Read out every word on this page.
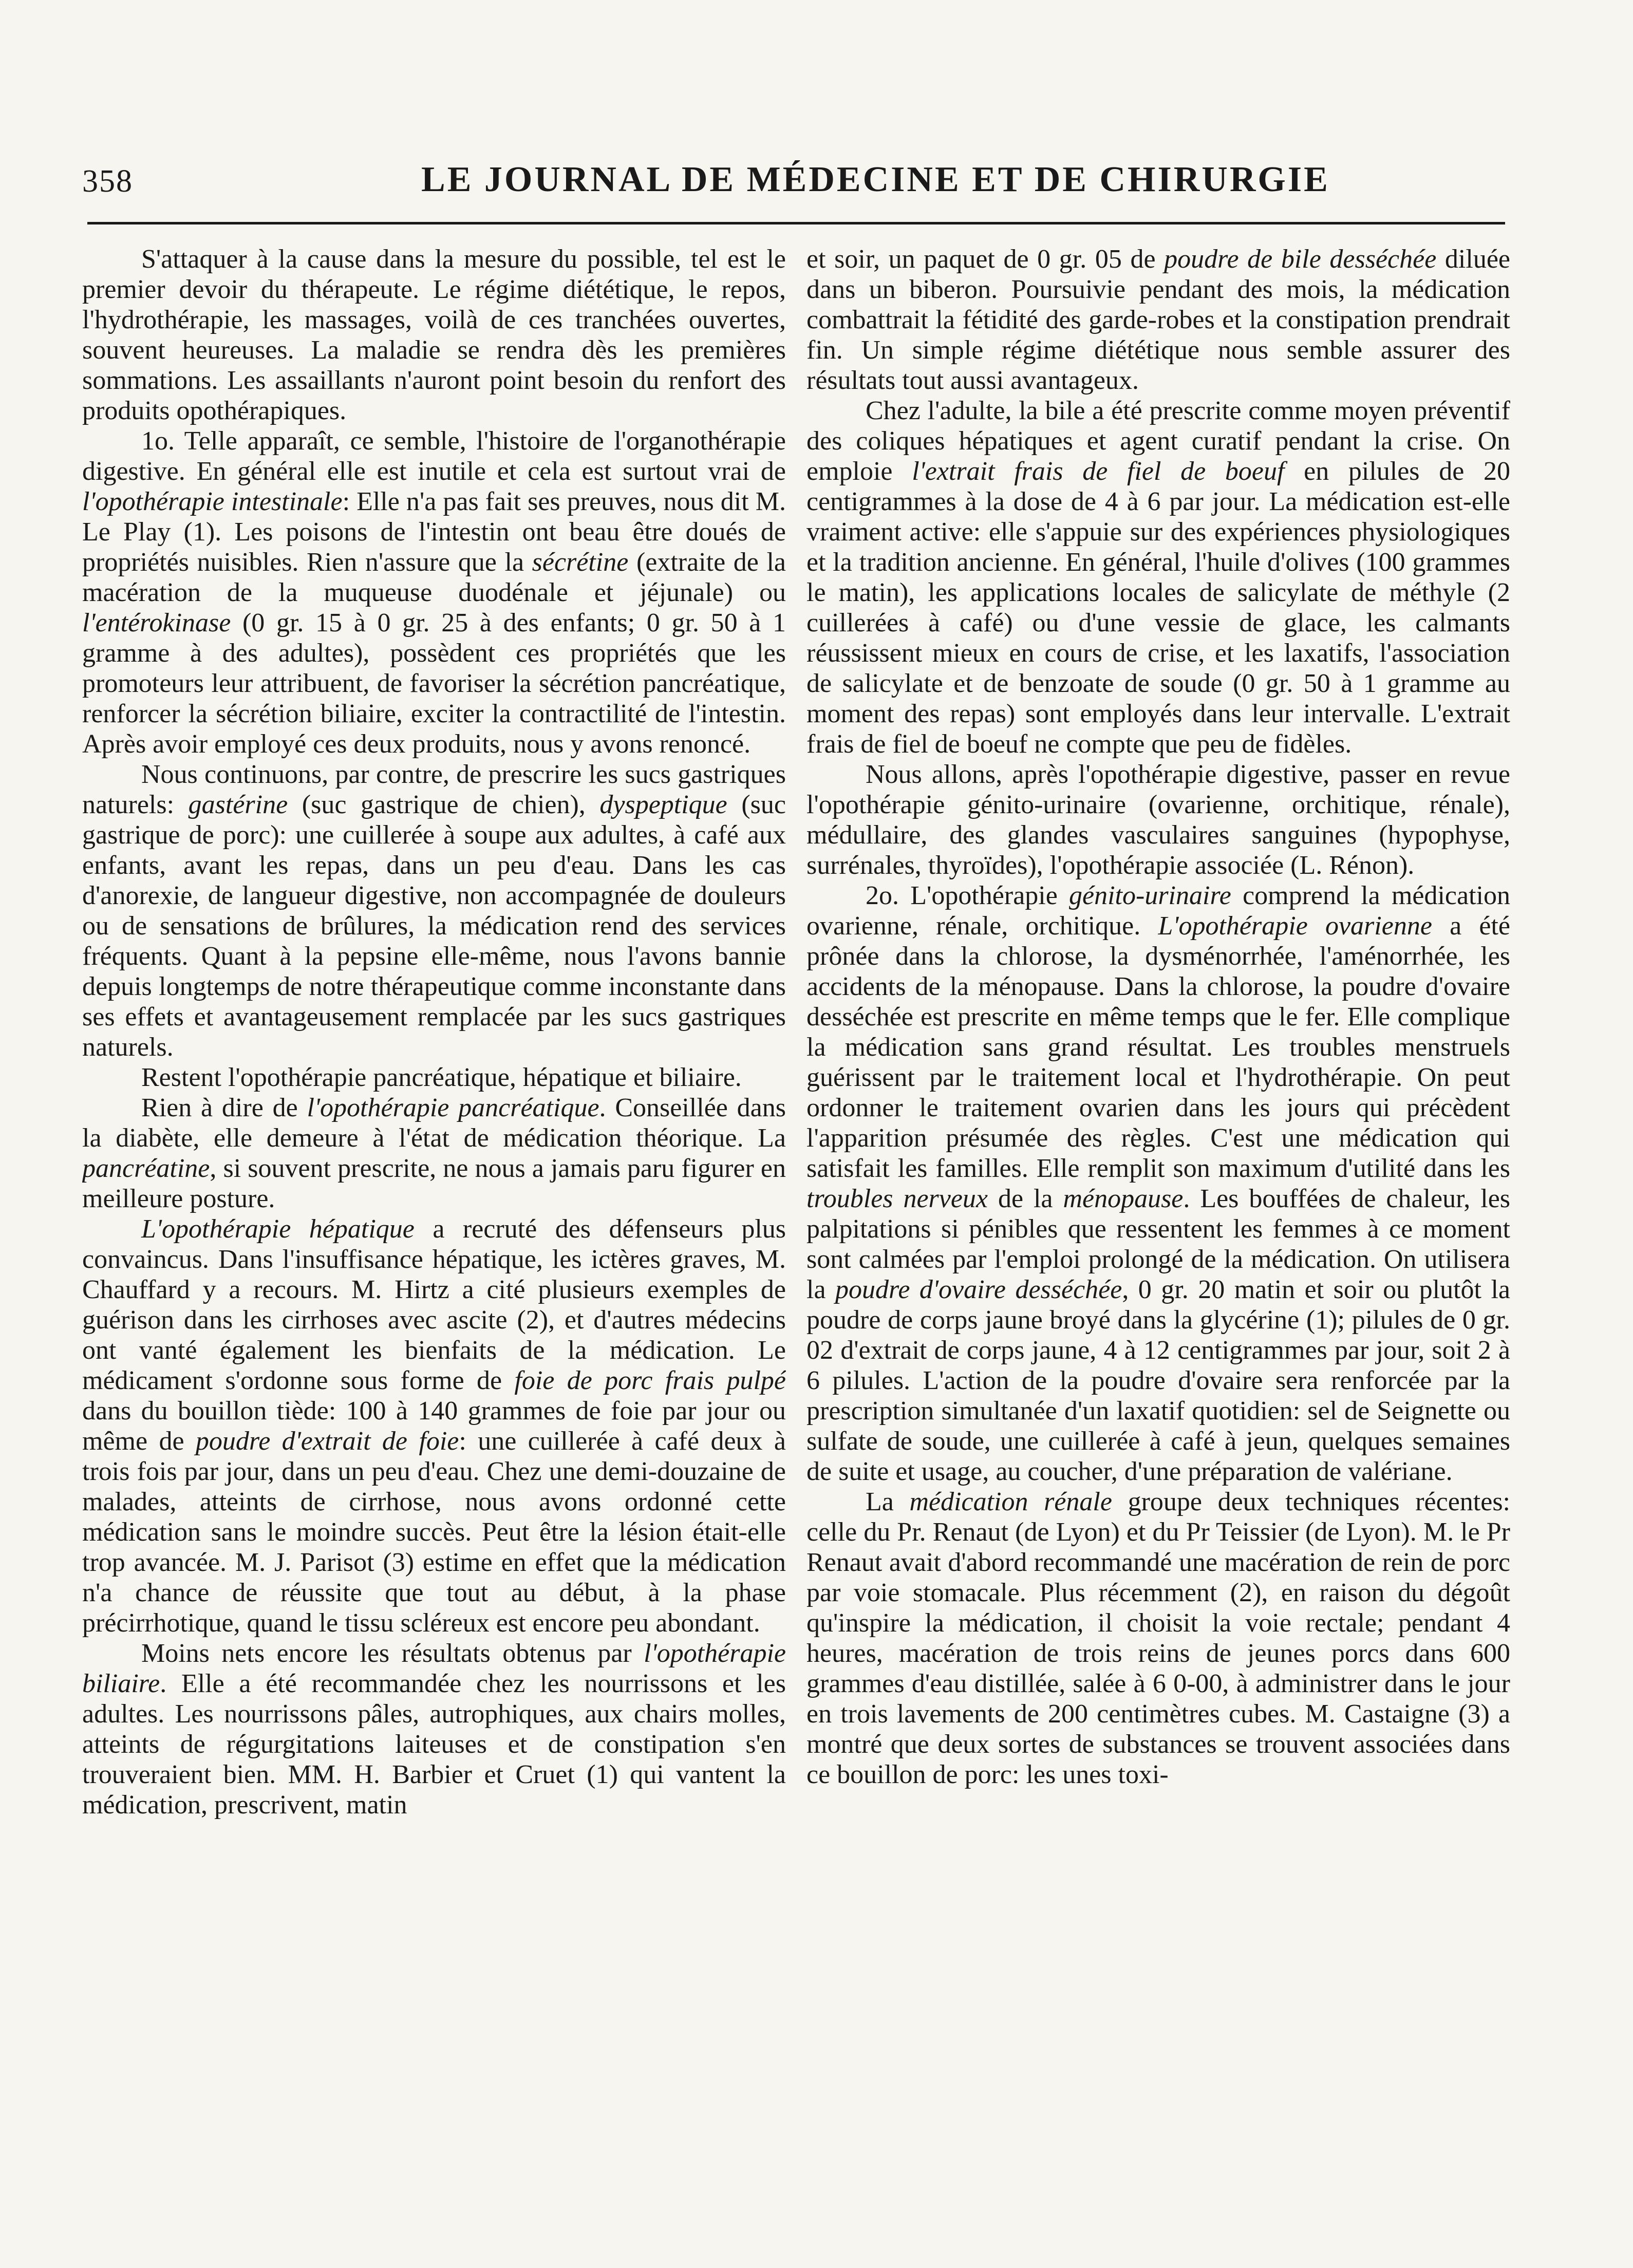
358	LE JOURNAL DE MÉDECINE ET DE CHIRURGIE

S'attaquer à la cause dans la mesure du possible, tel est le premier devoir du thérapeute. Le régime diététique, le repos, l'hydrothérapie, les massages, voilà de ces tranchées ouvertes, souvent heureuses. La maladie se rendra dès les premières sommations. Les assaillants n'auront point besoin du renfort des produits opothérapiques.

1o. Telle apparaît, ce semble, l'histoire de l'organothérapie digestive. En général elle est inutile et cela est surtout vrai de l'opothérapie intestinale: Elle n'a pas fait ses preuves, nous dit M. Le Play (1). Les poisons de l'intestin ont beau être doués de propriétés nuisibles. Rien n'assure que la sécrétine (extraite de la macération de la muqueuse duodénale et jéjunale) ou l'entérokinase (0 gr. 15 à 0 gr. 25 à des enfants; 0 gr. 50 à 1 gramme à des adultes), possèdent ces propriétés que les promoteurs leur attribuent, de favoriser la sécrétion pancréatique, renforcer la sécrétion biliaire, exciter la contractilité de l'intestin. Après avoir employé ces deux produits, nous y avons renoncé.

Nous continuons, par contre, de prescrire les sucs gastriques naturels: gastérine (suc gastrique de chien), dyspeptique (suc gastrique de porc): une cuillerée à soupe aux adultes, à café aux enfants, avant les repas, dans un peu d'eau. Dans les cas d'anorexie, de langueur digestive, non accompagnée de douleurs ou de sensations de brûlures, la médication rend des services fréquents. Quant à la pepsine elle-même, nous l'avons bannie depuis longtemps de notre thérapeutique comme inconstante dans ses effets et avantageusement remplacée par les sucs gastriques naturels.

Restent l'opothérapie pancréatique, hépatique et biliaire.

Rien à dire de l'opothérapie pancréatique. Conseillée dans la diabète, elle demeure à l'état de médication théorique. La pancréatine, si souvent prescrite, ne nous a jamais paru figurer en meilleure posture.

L'opothérapie hépatique a recruté des défenseurs plus convaincus. Dans l'insuffisance hépatique, les ictères graves, M. Chauffard y a recours. M. Hirtz a cité plusieurs exemples de guérison dans les cirrhoses avec ascite (2), et d'autres médecins ont vanté également les bienfaits de la médication. Le médicament s'ordonne sous forme de foie de porc frais pulpé dans du bouillon tiède: 100 à 140 grammes de foie par jour ou même de poudre d'extrait de foie: une cuillerée à café deux à trois fois par jour, dans un peu d'eau. Chez une demi-douzaine de malades, atteints de cirrhose, nous avons ordonné cette médication sans le moindre succès. Peut être la lésion était-elle trop avancée. M. J. Parisot (3) estime en effet que la médication n'a chance de réussite que tout au début, à la phase précirrhotique, quand le tissu scléreux est encore peu abondant.

Moins nets encore les résultats obtenus par l'opothérapie biliaire. Elle a été recommandée chez les nourrissons et les adultes. Les nourrissons pâles, autrophiques, aux chairs molles, atteints de régurgitations laiteuses et de constipation s'en trouveraient bien. MM. H. Barbier et Cruet (1) qui vantent la médication, prescrivent, matin

et soir, un paquet de 0 gr. 05 de poudre de bile desséchée diluée dans un biberon. Poursuivie pendant des mois, la médication combattrait la fétidité des garde-robes et la constipation prendrait fin. Un simple régime diététique nous semble assurer des résultats tout aussi avantageux.

Chez l'adulte, la bile a été prescrite comme moyen préventif des coliques hépatiques et agent curatif pendant la crise. On emploie l'extrait frais de fiel de boeuf en pilules de 20 centigrammes à la dose de 4 à 6 par jour. La médication est-elle vraiment active: elle s'appuie sur des expériences physiologiques et la tradition ancienne. En général, l'huile d'olives (100 grammes le matin), les applications locales de salicylate de méthyle (2 cuillerées à café) ou d'une vessie de glace, les calmants réussissent mieux en cours de crise, et les laxatifs, l'association de salicylate et de benzoate de soude (0 gr. 50 à 1 gramme au moment des repas) sont employés dans leur intervalle. L'extrait frais de fiel de boeuf ne compte que peu de fidèles.

Nous allons, après l'opothérapie digestive, passer en revue l'opothérapie génito-urinaire (ovarienne, orchitique, rénale), médullaire, des glandes vasculaires sanguines (hypophyse, surrénales, thyroïdes), l'opothérapie associée (L. Rénon).

2o. L'opothérapie génito-urinaire comprend la médication ovarienne, rénale, orchitique. L'opothérapie ovarienne a été prônée dans la chlorose, la dysménorrhée, l'aménorrhée, les accidents de la ménopause. Dans la chlorose, la poudre d'ovaire desséchée est prescrite en même temps que le fer. Elle complique la médication sans grand résultat. Les troubles menstruels guérissent par le traitement local et l'hydrothérapie. On peut ordonner le traitement ovarien dans les jours qui précèdent l'apparition présumée des règles. C'est une médication qui satisfait les familles. Elle remplit son maximum d'utilité dans les troubles nerveux de la ménopause. Les bouffées de chaleur, les palpitations si pénibles que ressentent les femmes à ce moment sont calmées par l'emploi prolongé de la médication. On utilisera la poudre d'ovaire desséchée, 0 gr. 20 matin et soir ou plutôt la poudre de corps jaune broyé dans la glycérine (1); pilules de 0 gr. 02 d'extrait de corps jaune, 4 à 12 centigrammes par jour, soit 2 à 6 pilules. L'action de la poudre d'ovaire sera renforcée par la prescription simultanée d'un laxatif quotidien: sel de Seignette ou sulfate de soude, une cuillerée à café à jeun, quelques semaines de suite et usage, au coucher, d'une préparation de valériane.

La médication rénale groupe deux techniques récentes: celle du Pr. Renaut (de Lyon) et du Pr Teissier (de Lyon). M. le Pr Renaut avait d'abord recommandé une macération de rein de porc par voie stomacale. Plus récemment (2), en raison du dégoût qu'inspire la médication, il choisit la voie rectale; pendant 4 heures, macération de trois reins de jeunes porcs dans 600 grammes d'eau distillée, salée à 6 0-00, à administrer dans le jour en trois lavements de 200 centimètres cubes. M. Castaigne (3) a montré que deux sortes de substances se trouvent associées dans ce bouillon de porc: les unes toxi-
